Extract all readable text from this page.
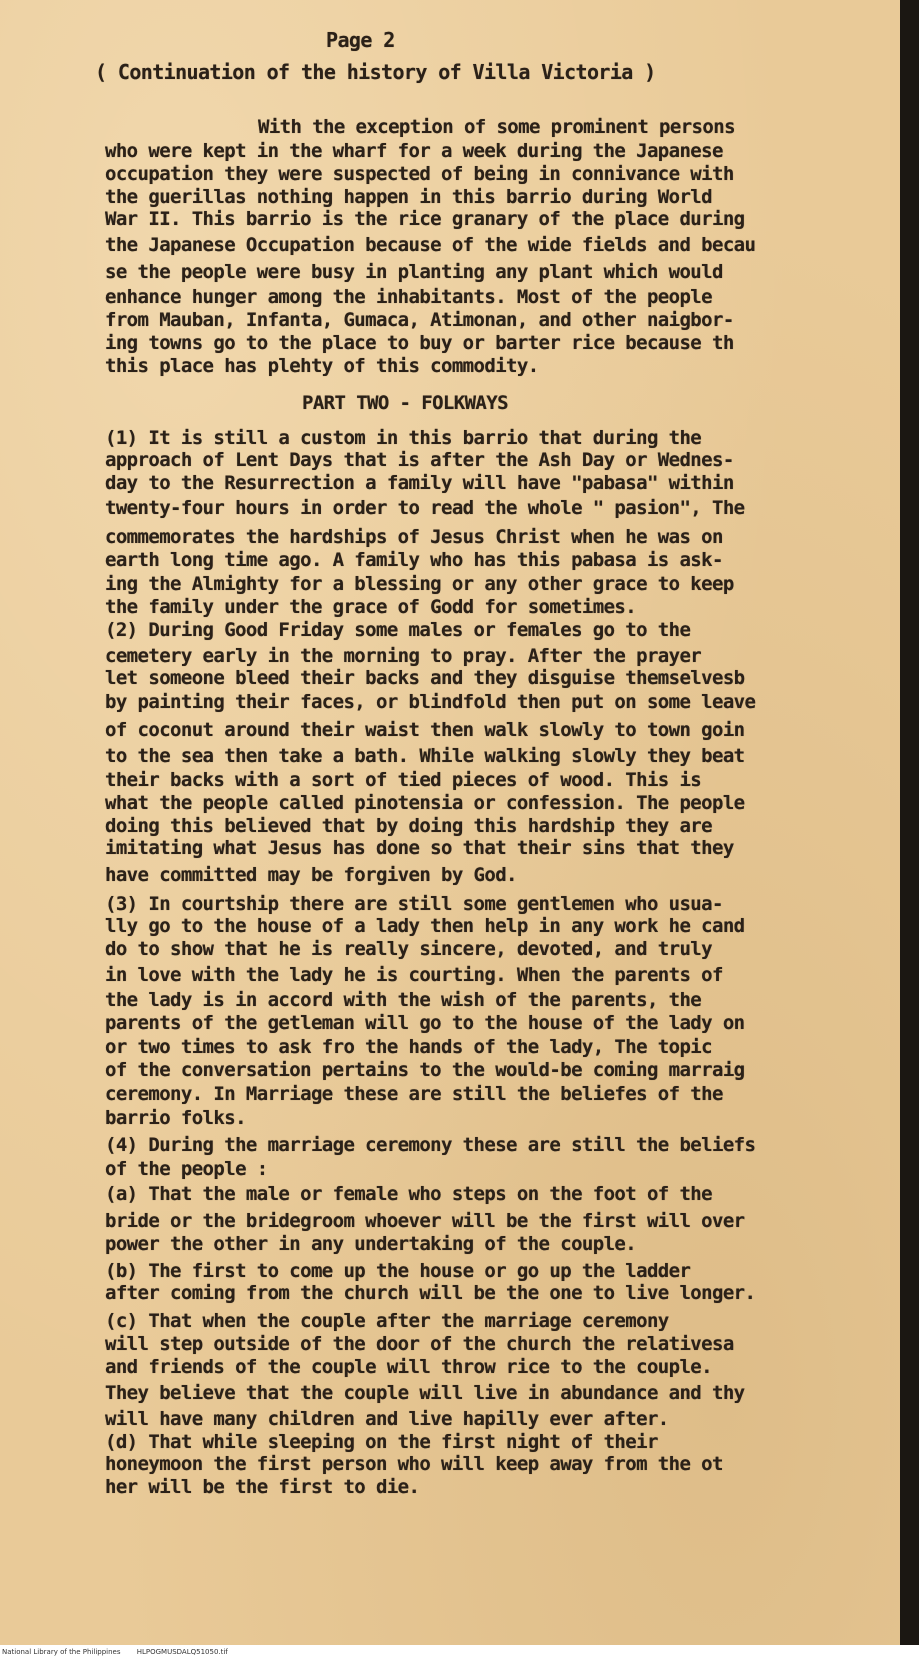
Page 2
( Continuation of the history of Villa Victoria )
With the exception of some prominent persons
who were kept in the wharf for a week during the Japanese
occupation they were suspected of being in connivance with
the guerillas nothing happen in this barrio during World
War II. This barrio is the rice granary of the place during
the Japanese Occupation because of the wide fields and becau
se the people were busy in planting any plant which would
enhance hunger among the inhabitants. Most of the people
from Mauban, Infanta, Gumaca, Atimonan, and other naigbor-
ing towns go to the place to buy or barter rice because th
this place has plehty of this commodity.
PART TWO - FOLKWAYS
(1) It is still a custom in this barrio that during the
approach of Lent Days that is after the Ash Day or Wednes-
day to the Resurrection a family will have "pabasa" within
twenty-four hours in order to read the whole " pasion", The
commemorates the hardships of Jesus Christ when he was on
earth long time ago. A family who has this pabasa is ask-
ing the Almighty for a blessing or any other grace to keep
the family under the grace of Godd for sometimes.
(2) During Good Friday some males or females go to the
cemetery early in the morning to pray. After the prayer
let someone bleed their backs and they disguise themselvesb
by painting their faces, or blindfold then put on some leave
of coconut around their waist then walk slowly to town goin
to the sea then take a bath. While walking slowly they beat
their backs with a sort of tied pieces of wood. This is
what the people called pinotensia or confession. The people
doing this believed that by doing this hardship they are
imitating what Jesus has done so that their sins that they
have committed may be forgiven by God.
(3) In courtship there are still some gentlemen who usua-
lly go to the house of a lady then help in any work he cand
do to show that he is really sincere, devoted, and truly
in love with the lady he is courting. When the parents of
the lady is in accord with the wish of the parents, the
parents of the getleman will go to the house of the lady on
or two times to ask fro the hands of the lady, The topic
of the conversation pertains to the would-be coming marraig
ceremony. In Marriage these are still the beliefes of the
barrio folks.
(4) During the marriage ceremony these are still the beliefs
of the people :
(a) That the male or female who steps on the foot of the
bride or the bridegroom whoever will be the first will over
power the other in any undertaking of the couple.
(b) The first to come up the house or go up the ladder
after coming from the church will be the one to live longer.
(c) That when the couple after the marriage ceremony
will step outside of the door of the church the relativesa
and friends of the couple will throw rice to the couple.
They believe that the couple will live in abundance and thy
will have many children and live hapilly ever after.
(d) That while sleeping on the first night of their
honeymoon the first person who will keep away from the ot
her will be the first to die.
National Library of the Philippines HLPOGMUSDALQ51050.tif
